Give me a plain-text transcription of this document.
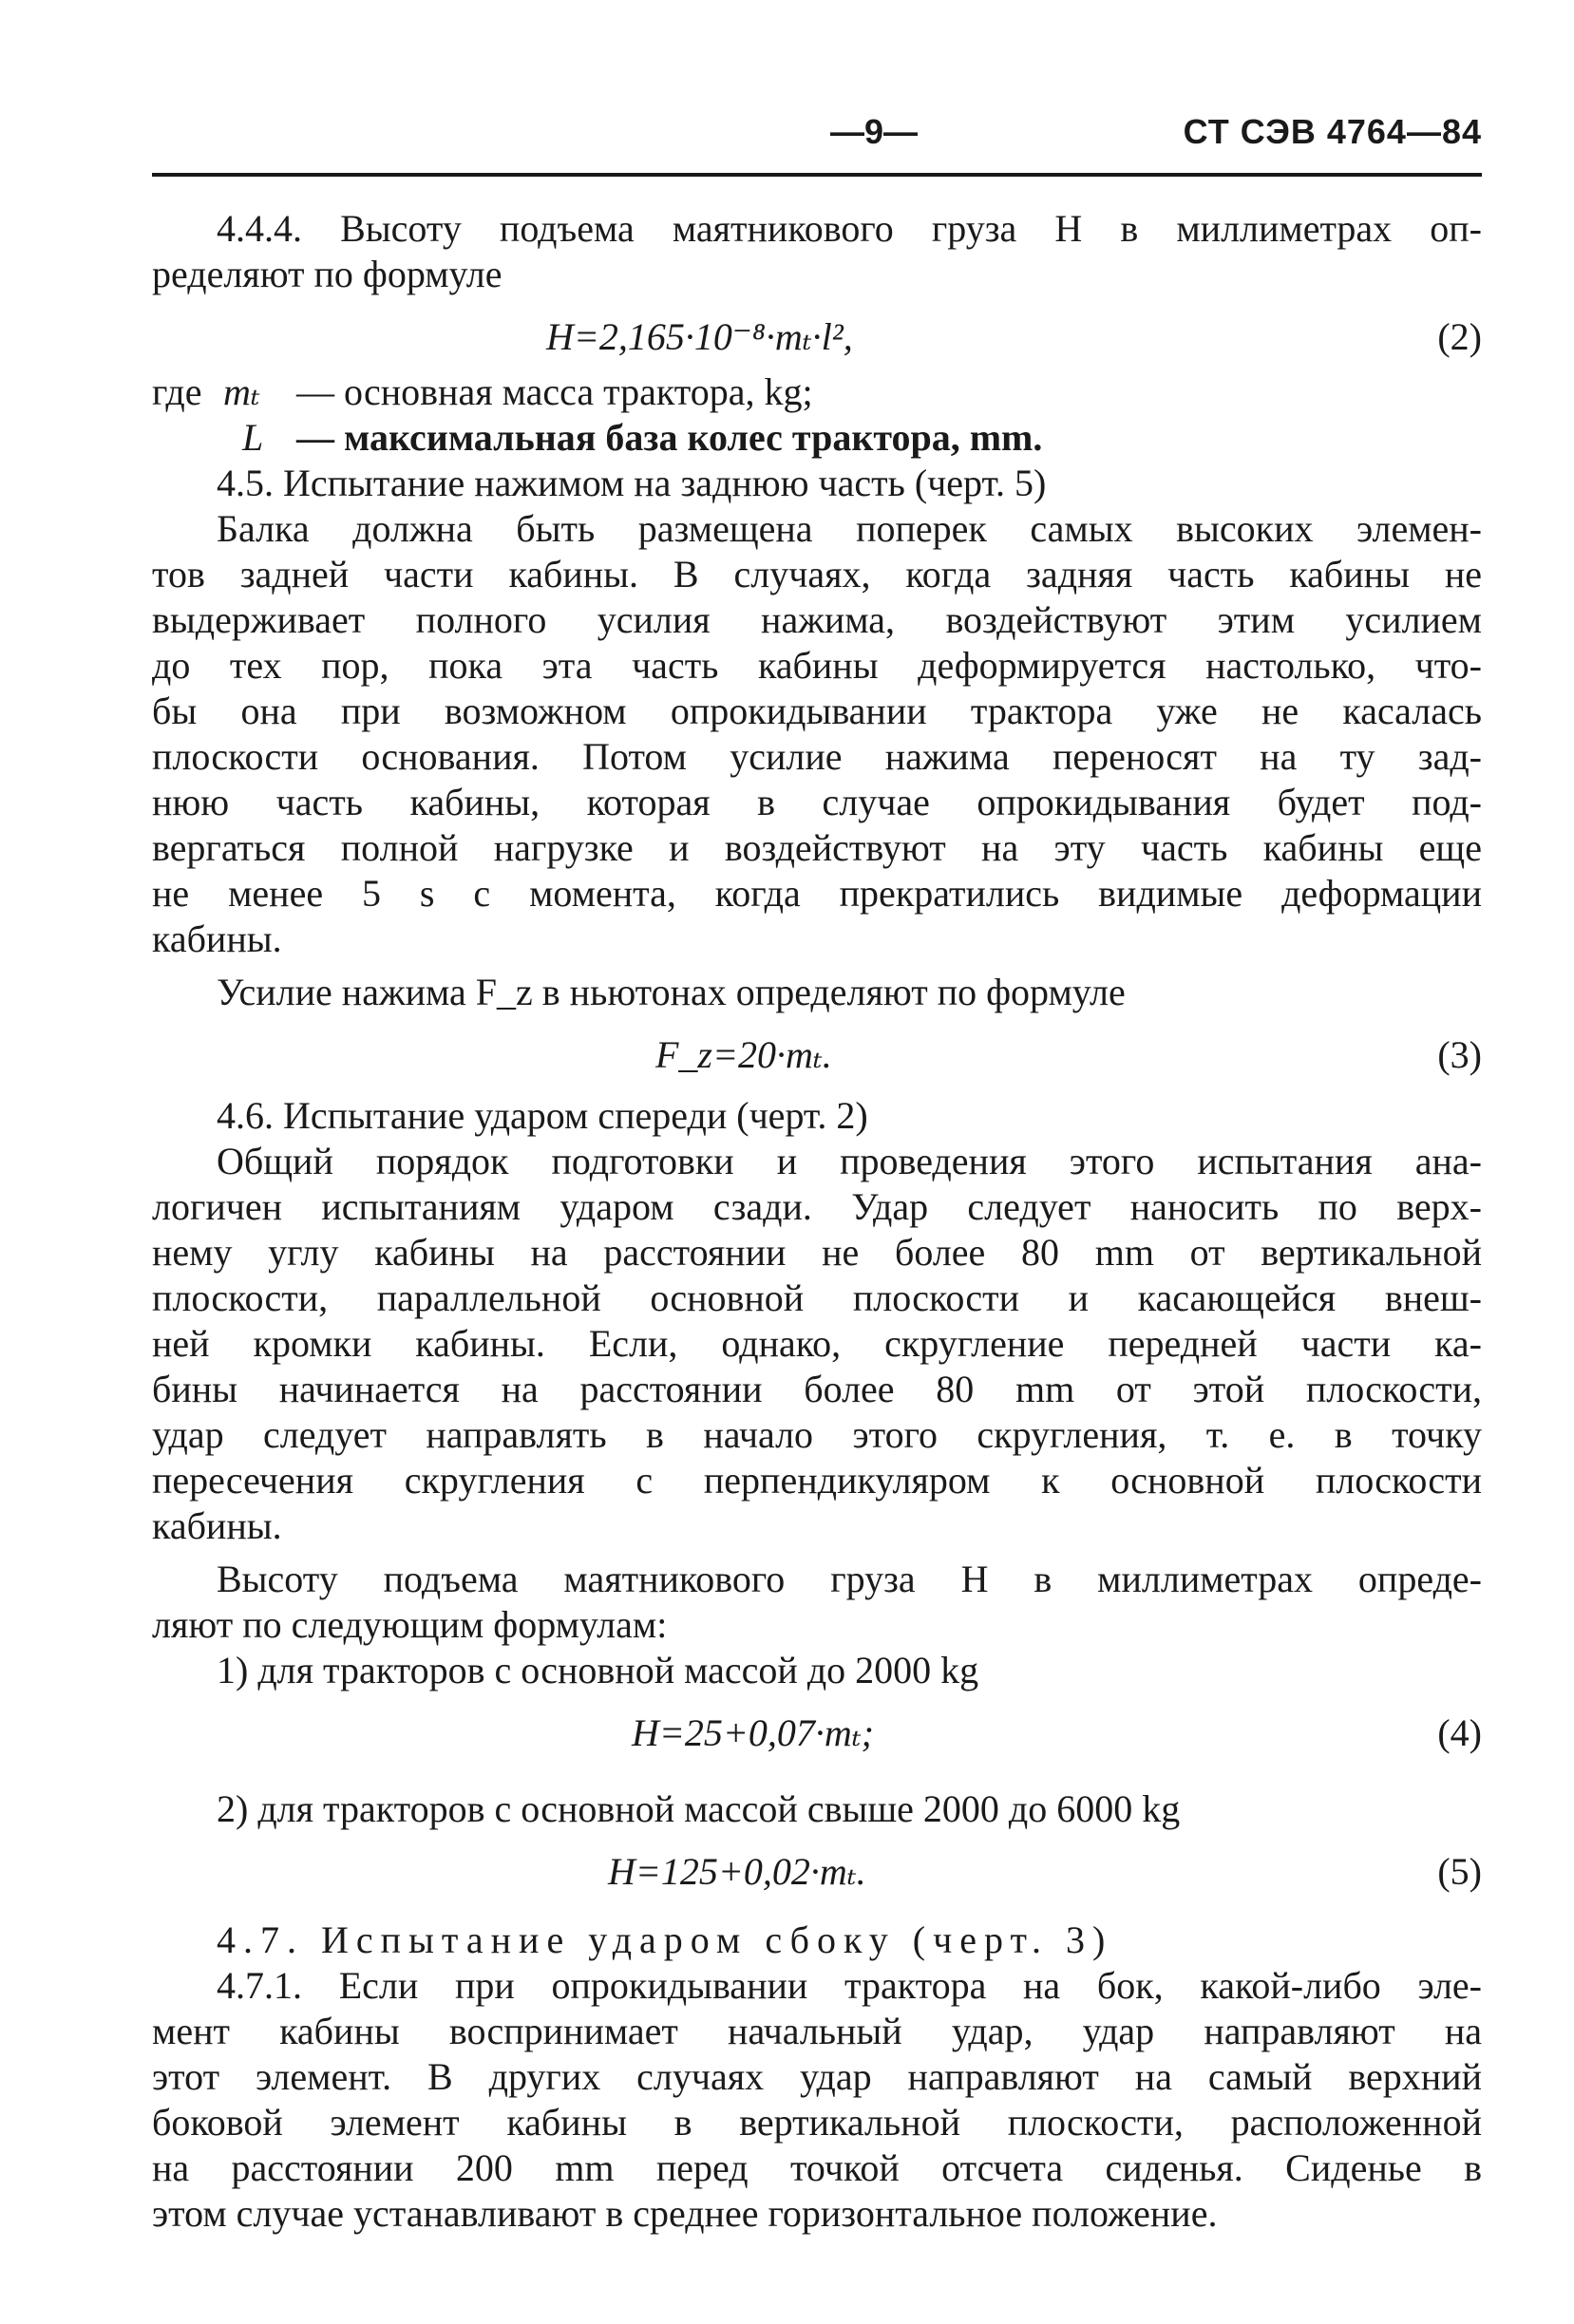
—9—	СТ СЭВ 4764—84
4.4.4. Высоту подъема маятникового груза H в миллиметрах оп-
ределяют по формуле
H=2,165·10⁻⁸·mₜ·l²,	(2)
где mₜ — основная масса трактора, kg;
L — максимальная база колес трактора, mm.
4.5. Испытание нажимом на заднюю часть (черт. 5)
Балка должна быть размещена поперек самых высоких элемен-
тов задней части кабины. В случаях, когда задняя часть кабины не
выдерживает полного усилия нажима, воздействуют этим усилием
до тех пор, пока эта часть кабины деформируется настолько, что-
бы она при возможном опрокидывании трактора уже не касалась
плоскости основания. Потом усилие нажима переносят на ту зад-
нюю часть кабины, которая в случае опрокидывания будет под-
вергаться полной нагрузке и воздействуют на эту часть кабины еще
не менее 5 s с момента, когда прекратились видимые деформации
кабины.
Усилие нажима F_z в ньютонах определяют по формуле
F_z=20·mₜ.	(3)
4.6. Испытание ударом спереди (черт. 2)
Общий порядок подготовки и проведения этого испытания ана-
логичен испытаниям ударом сзади. Удар следует наносить по верх-
нему углу кабины на расстоянии не более 80 mm от вертикальной
плоскости, параллельной основной плоскости и касающейся внеш-
ней кромки кабины. Если, однако, скругление передней части ка-
бины начинается на расстоянии более 80 mm от этой плоскости,
удар следует направлять в начало этого скругления, т. е. в точку
пересечения скругления с перпендикуляром к основной плоскости
кабины.
Высоту подъема маятникового груза H в миллиметрах опреде-
ляют по следующим формулам:
1) для тракторов с основной массой до 2000 kg
H=25+0,07·mₜ;	(4)
2) для тракторов с основной массой свыше 2000 до 6000 kg
H=125+0,02·mₜ.	(5)
4.7. Испытание ударом сбоку (черт. 3)
4.7.1. Если при опрокидывании трактора на бок, какой-либо эле-
мент кабины воспринимает начальный удар, удар направляют на
этот элемент. В других случаях удар направляют на самый верхний
боковой элемент кабины в вертикальной плоскости, расположенной
на расстоянии 200 mm перед точкой отсчета сиденья. Сиденье в
этом случае устанавливают в среднее горизонтальное положение.
